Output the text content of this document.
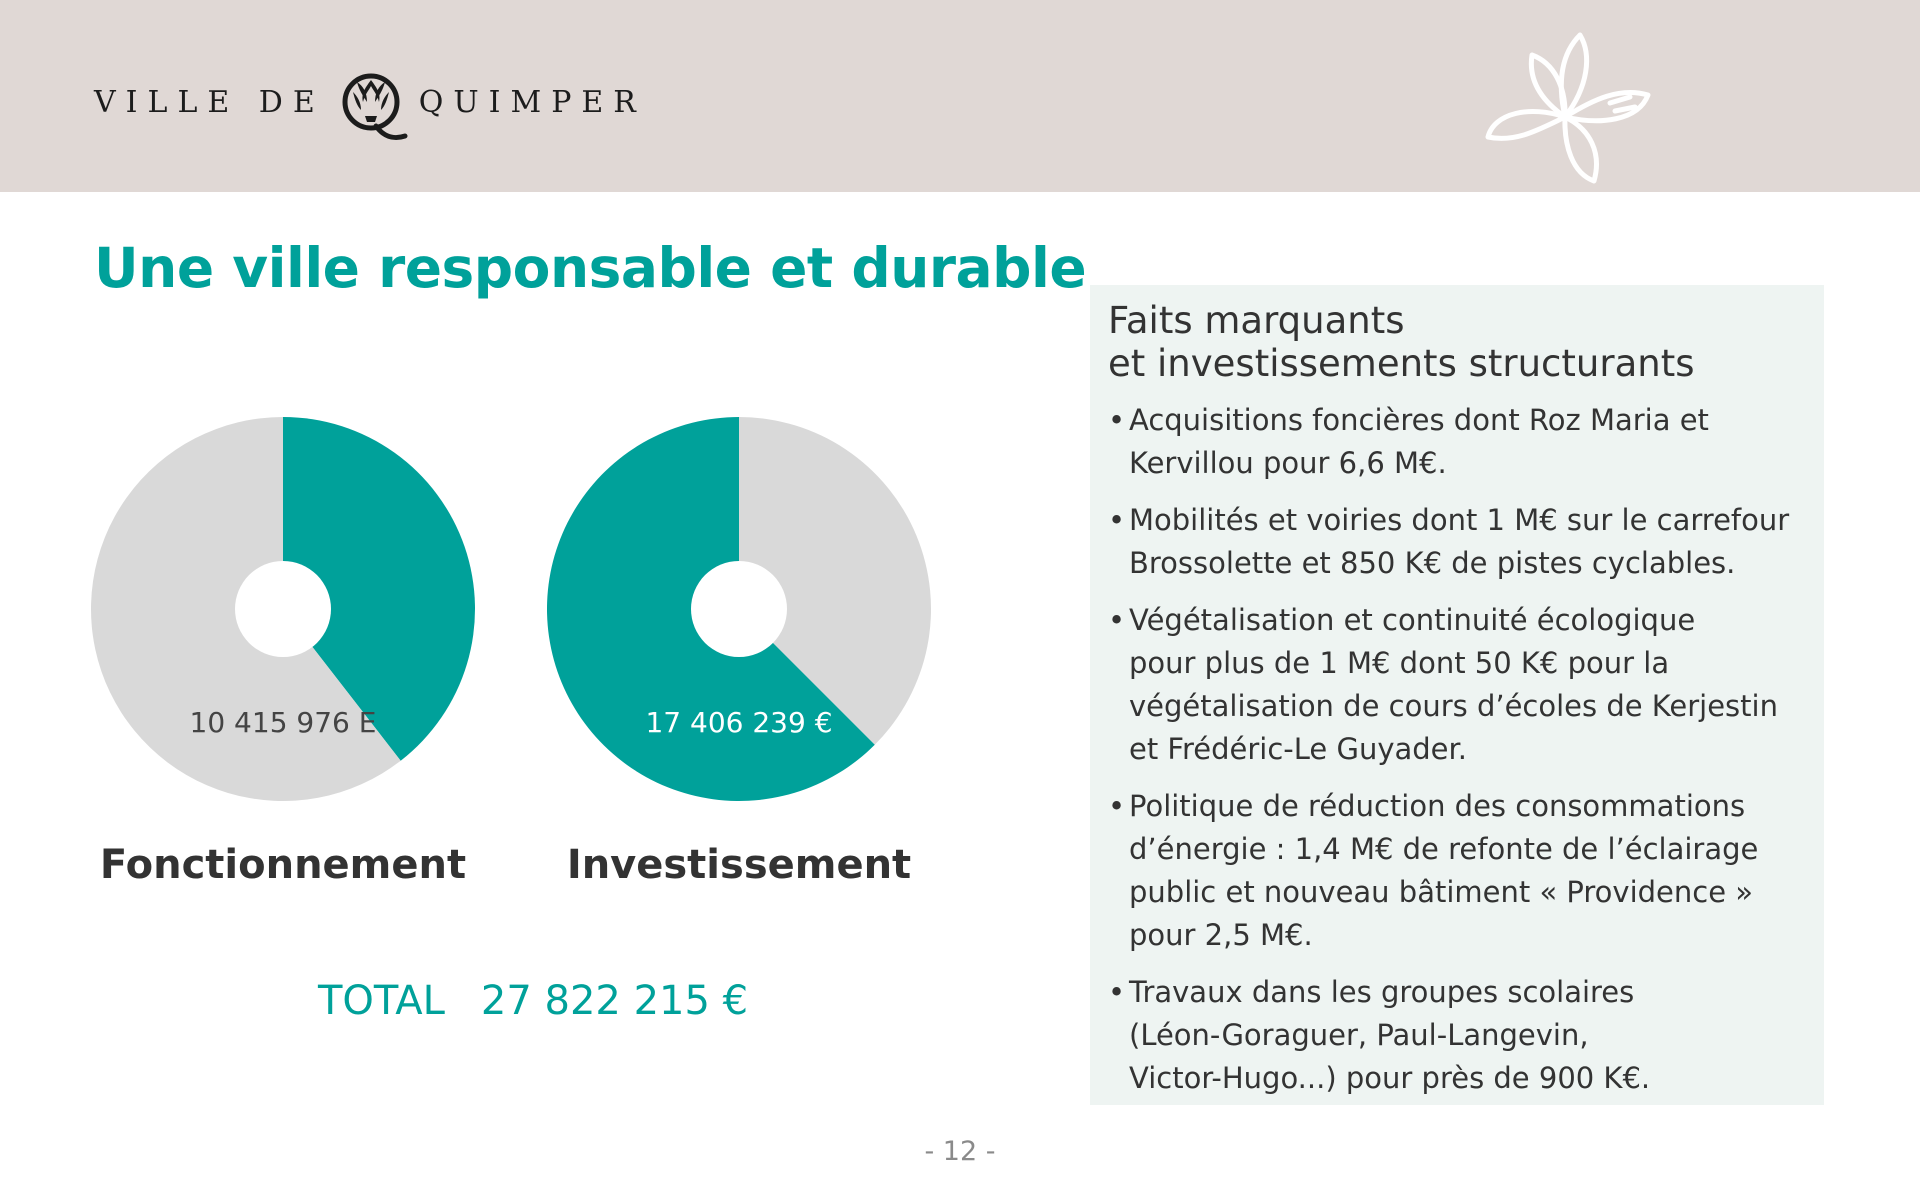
VILLE DE	QUIMPER
Une ville responsable et durable
10 415 976 E	17 406 239 €
Fonctionnement	Investissement
TOTAL 27 822 215 €
Faits marquants
et investissements structurants
• Acquisitions foncières dont Roz Maria et
Kervillou pour 6,6 M€.
• Mobilités et voiries dont 1 M€ sur le carrefour
Brossolette et 850 K€ de pistes cyclables.
• Végétalisation et continuité écologique
pour plus de 1 M€ dont 50 K€ pour la
végétalisation de cours d’écoles de Kerjestin
et Frédéric-Le Guyader.
• Politique de réduction des consommations
d’énergie : 1,4 M€ de refonte de l’éclairage
public et nouveau bâtiment « Providence »
pour 2,5 M€.
• Travaux dans les groupes scolaires
(Léon-Goraguer, Paul-Langevin,
Victor-Hugo...) pour près de 900 K€.
- 12 -
